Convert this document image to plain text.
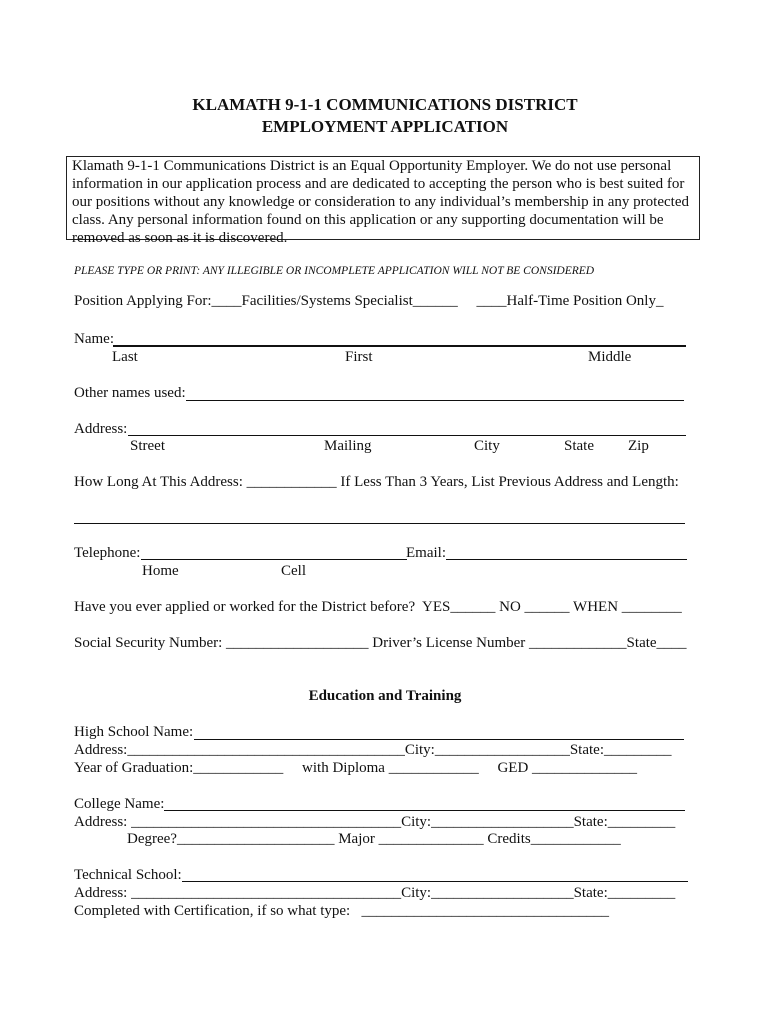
KLAMATH 9-1-1 COMMUNICATIONS DISTRICT
EMPLOYMENT APPLICATION
Klamath 9-1-1 Communications District is an Equal Opportunity Employer. We do not use personal information in our application process and are dedicated to accepting the person who is best suited for our positions without any knowledge or consideration to any individual’s membership in any protected class. Any personal information found on this application or any supporting documentation will be removed as soon as it is discovered.
PLEASE TYPE OR PRINT: ANY ILLEGIBLE OR INCOMPLETE APPLICATION WILL NOT BE CONSIDERED
Position Applying For:____Facilities/Systems Specialist______     ____Half-Time Position Only_
Name:
Last	First	Middle
Other names used:
Address:
Street	Mailing	City	State Zip
How Long At This Address: ____________ If Less Than 3 Years, List Previous Address and Length:
Telephone:	Email:
Home	Cell
Have you ever applied or worked for the District before?  YES______ NO ______ WHEN ________
Social Security Number: ___________________ Driver’s License Number _____________State____
Education and Training
High School Name:
Address:_____________________________________City:__________________State:_________
Year of Graduation:____________     with Diploma ____________     GED ______________
College Name:
Address: ____________________________________City:___________________State:_________
Degree?_____________________ Major ______________ Credits____________
Technical School:
Address: ____________________________________City:___________________State:_________
Completed with Certification, if so what type:   _________________________________
